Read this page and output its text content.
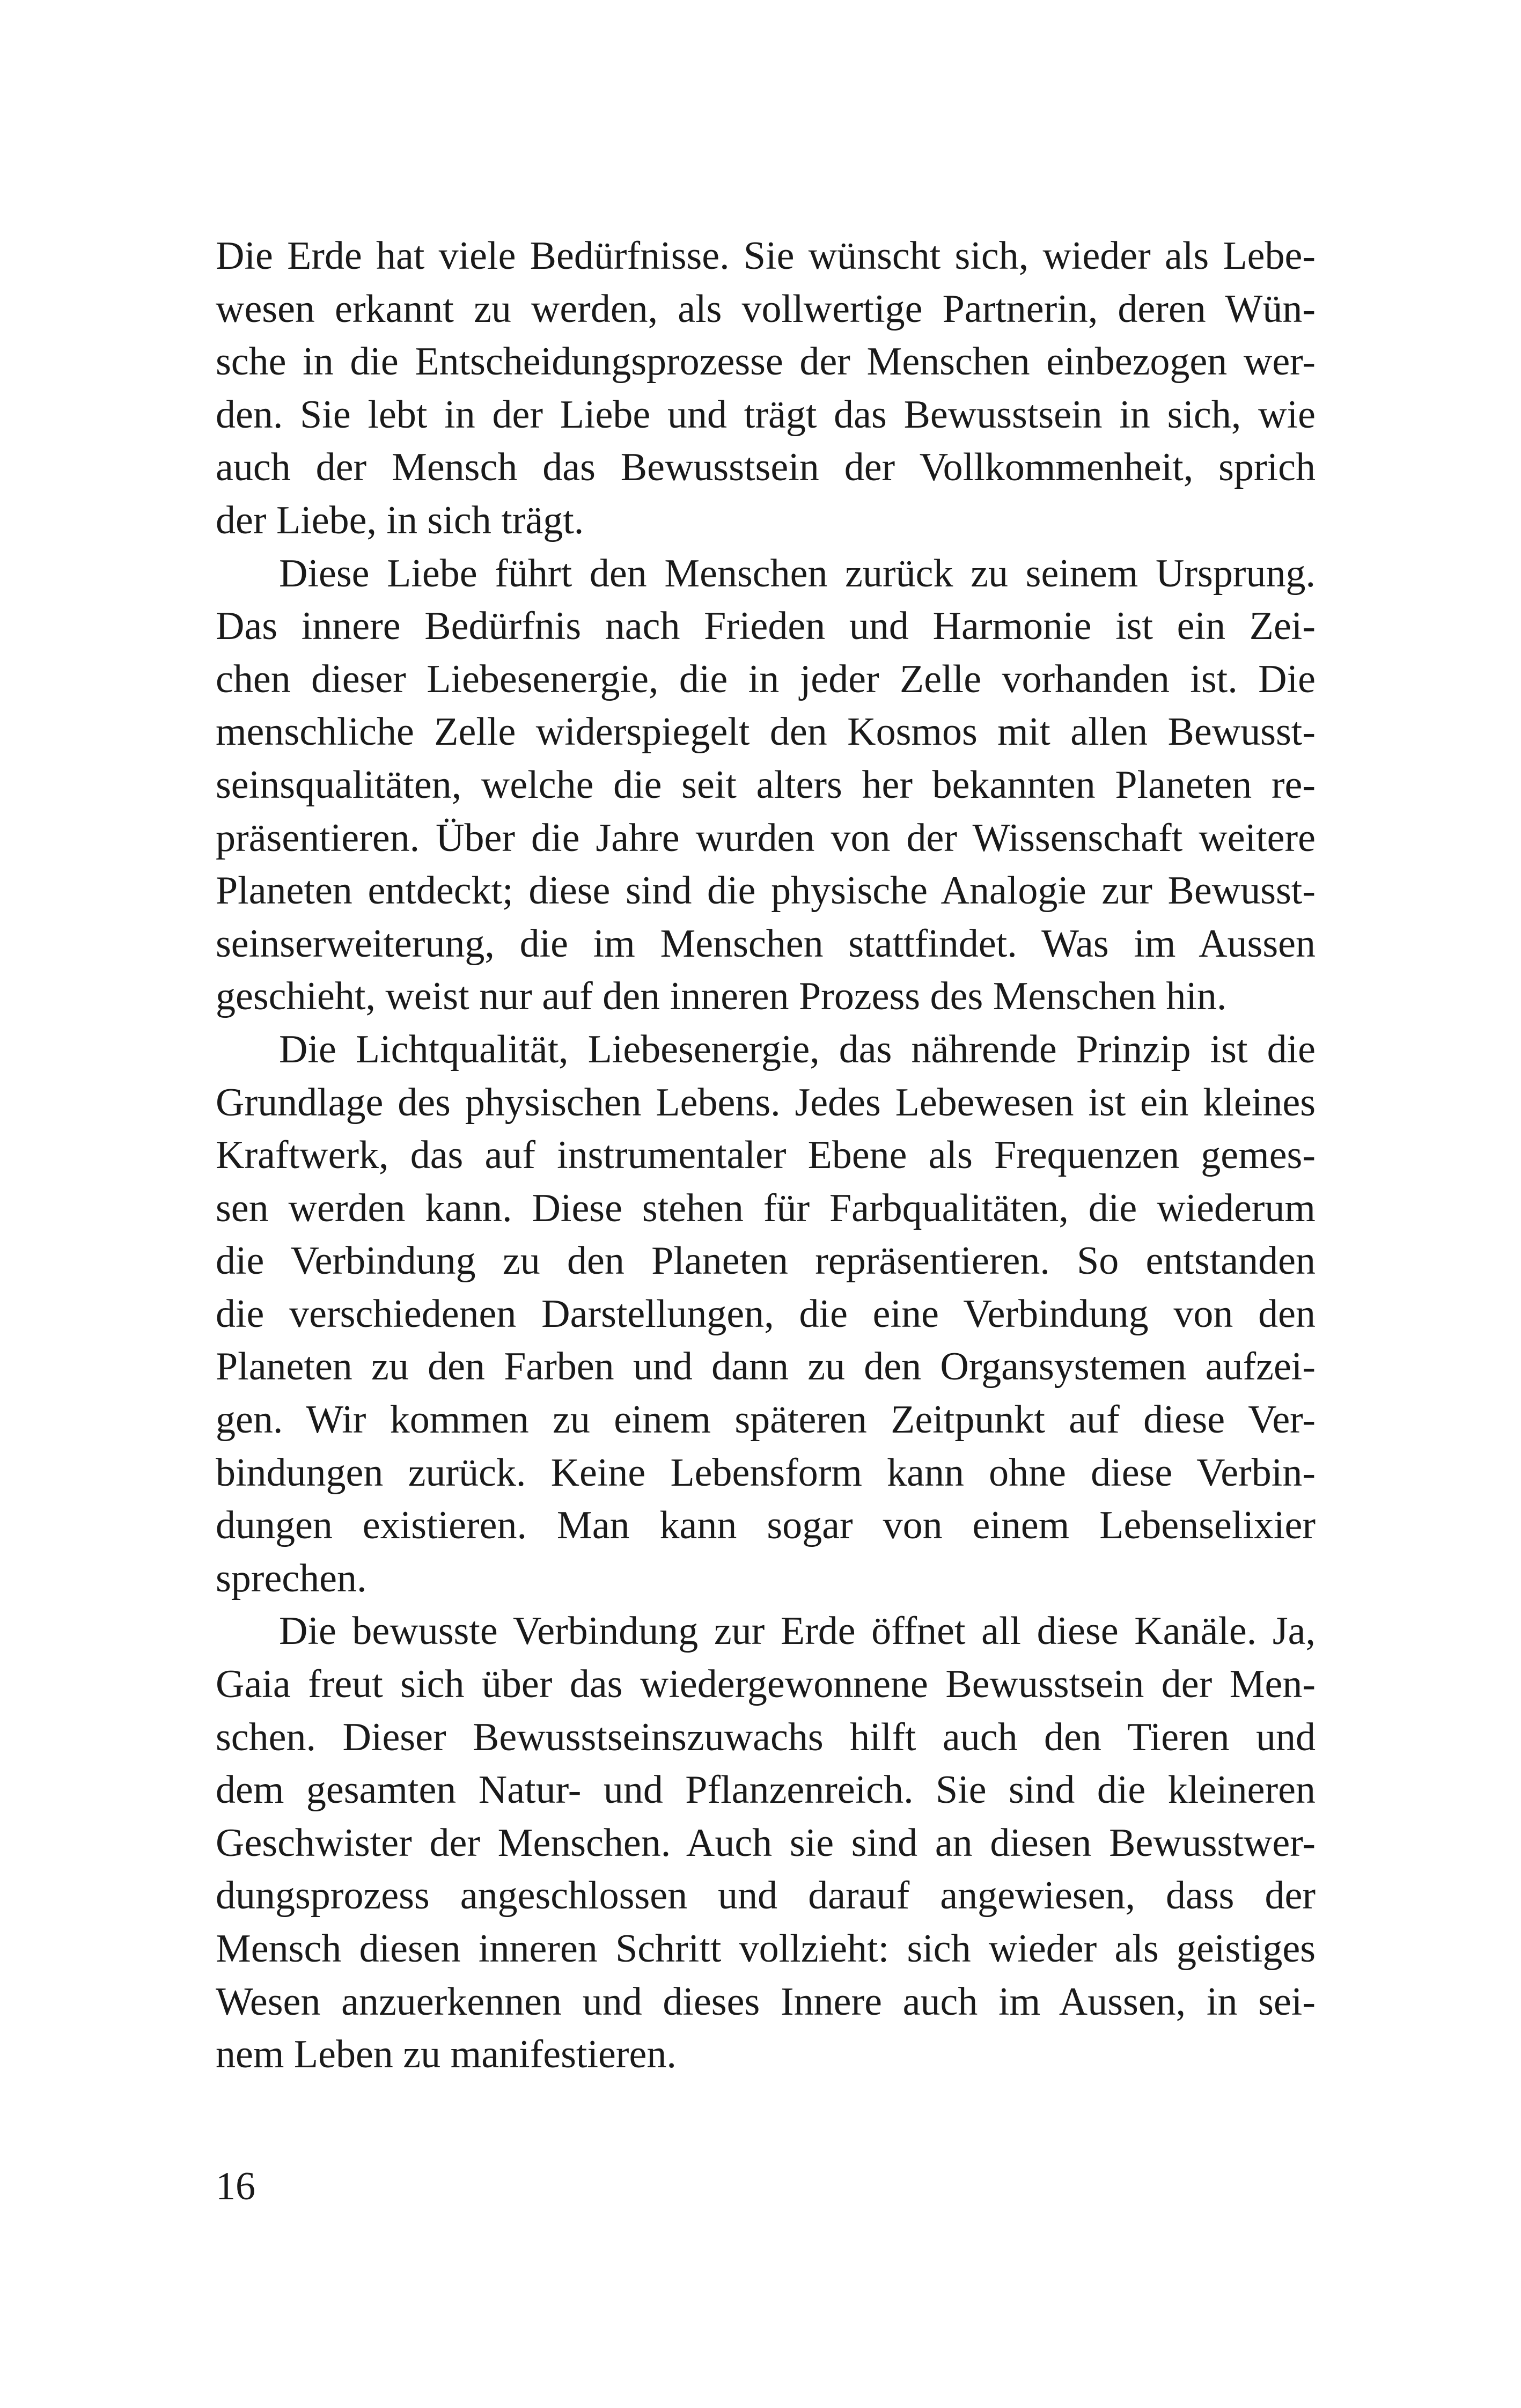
Die Erde hat viele Bedürfnisse. Sie wünscht sich, wieder als Lebe-
wesen erkannt zu werden, als vollwertige Partnerin, deren Wün-
sche in die Entscheidungsprozesse der Menschen einbezogen wer-
den. Sie lebt in der Liebe und trägt das Bewusstsein in sich, wie
auch der Mensch das Bewusstsein der Vollkommenheit, sprich
der Liebe, in sich trägt.
Diese Liebe führt den Menschen zurück zu seinem Ursprung.
Das innere Bedürfnis nach Frieden und Harmonie ist ein Zei-
chen dieser Liebesenergie, die in jeder Zelle vorhanden ist. Die
menschliche Zelle widerspiegelt den Kosmos mit allen Bewusst-
seinsqualitäten, welche die seit alters her bekannten Planeten re-
präsentieren. Über die Jahre wurden von der Wissenschaft weitere
Planeten entdeckt; diese sind die physische Analogie zur Bewusst-
seinserweiterung, die im Menschen stattfindet. Was im Aussen
geschieht, weist nur auf den inneren Prozess des Menschen hin.
Die Lichtqualität, Liebesenergie, das nährende Prinzip ist die
Grundlage des physischen Lebens. Jedes Lebewesen ist ein kleines
Kraftwerk, das auf instrumentaler Ebene als Frequenzen gemes-
sen werden kann. Diese stehen für Farbqualitäten, die wiederum
die Verbindung zu den Planeten repräsentieren. So entstanden
die verschiedenen Darstellungen, die eine Verbindung von den
Planeten zu den Farben und dann zu den Organsystemen aufzei-
gen. Wir kommen zu einem späteren Zeitpunkt auf diese Ver-
bindungen zurück. Keine Lebensform kann ohne diese Verbin-
dungen existieren. Man kann sogar von einem Lebenselixier
sprechen.
Die bewusste Verbindung zur Erde öffnet all diese Kanäle. Ja,
Gaia freut sich über das wiedergewonnene Bewusstsein der Men-
schen. Dieser Bewusstseinszuwachs hilft auch den Tieren und
dem gesamten Natur- und Pflanzenreich. Sie sind die kleineren
Geschwister der Menschen. Auch sie sind an diesen Bewusstwer-
dungsprozess angeschlossen und darauf angewiesen, dass der
Mensch diesen inneren Schritt vollzieht: sich wieder als geistiges
Wesen anzuerkennen und dieses Innere auch im Aussen, in sei-
nem Leben zu manifestieren.
16
